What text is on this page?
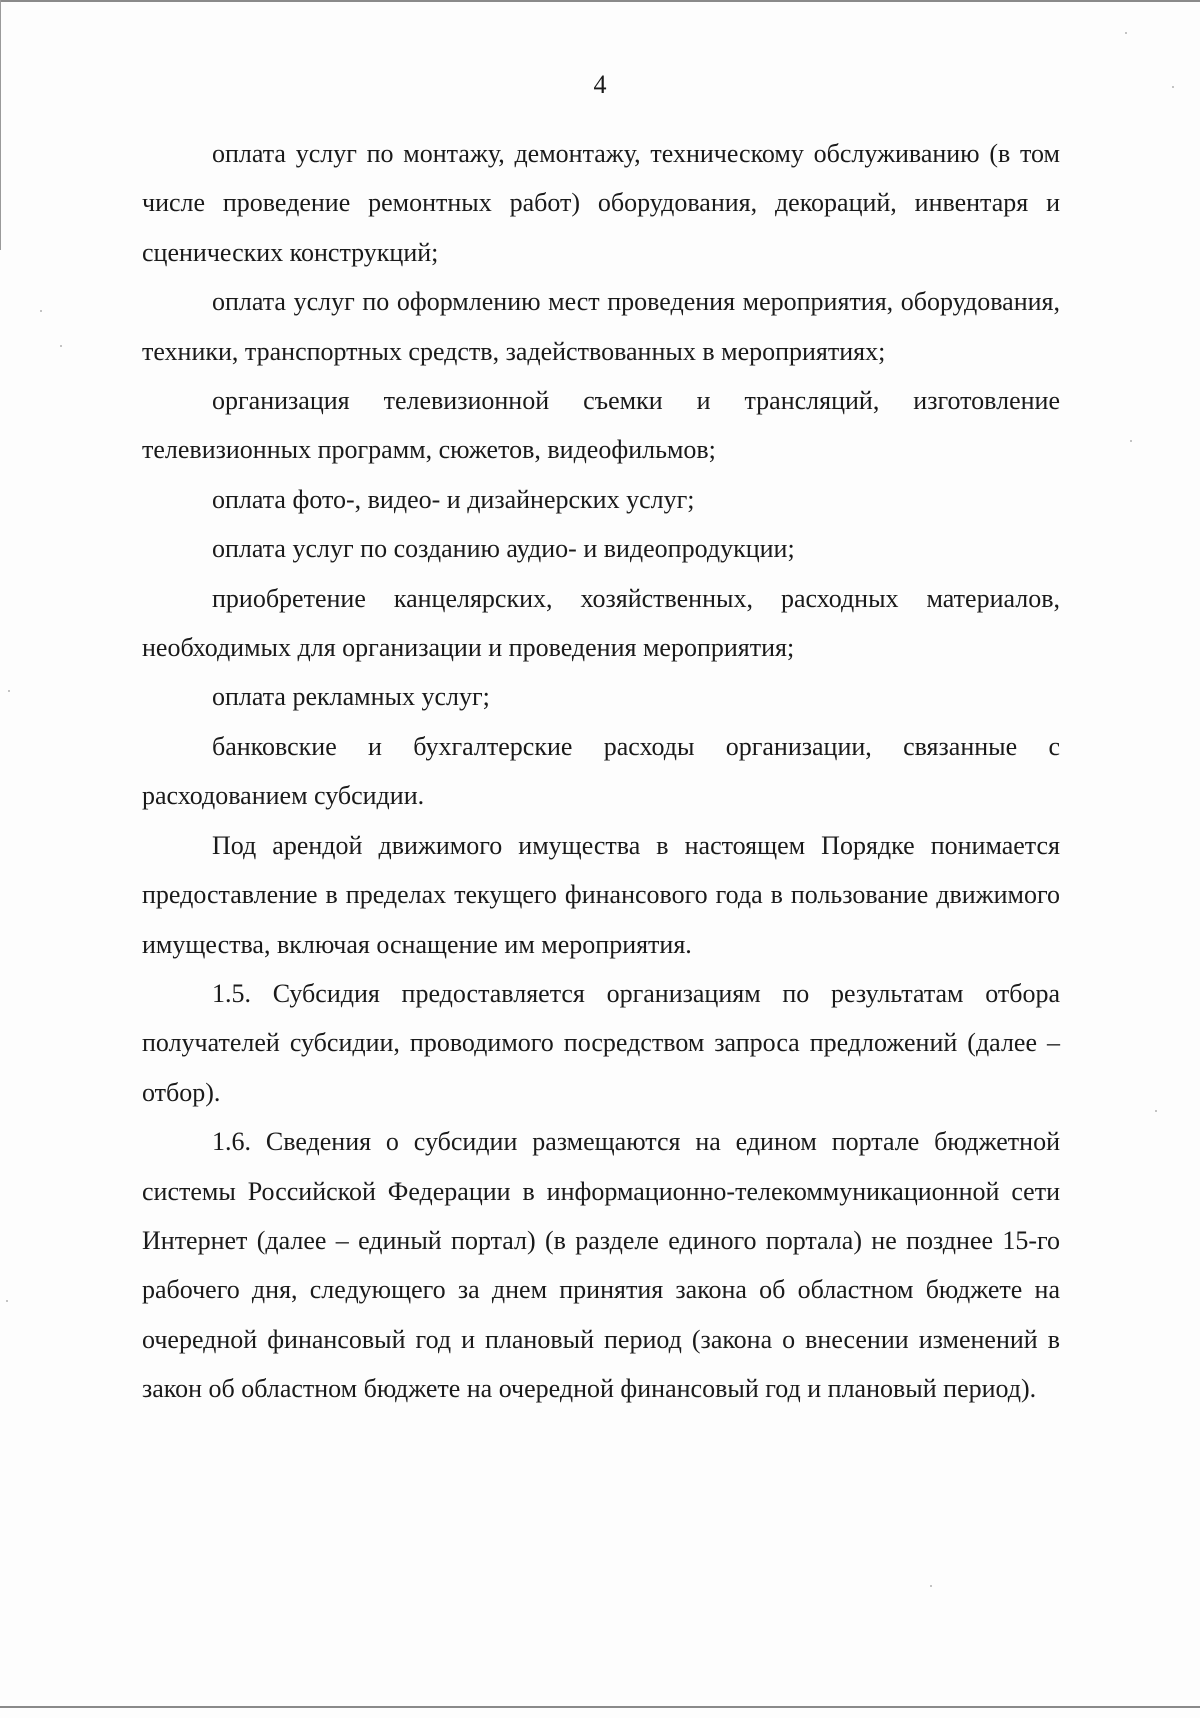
4

оплата услуг по монтажу, демонтажу, техническому обслуживанию (в том числе проведение ремонтных работ) оборудования, декораций, инвентаря и сценических конструкций;

оплата услуг по оформлению мест проведения мероприятия, оборудования, техники, транспортных средств, задействованных в мероприятиях;

организация телевизионной съемки и трансляций, изготовление телевизионных программ, сюжетов, видеофильмов;

оплата фото-, видео- и дизайнерских услуг;

оплата услуг по созданию аудио- и видеопродукции;

приобретение канцелярских, хозяйственных, расходных материалов, необходимых для организации и проведения мероприятия;

оплата рекламных услуг;

банковские и бухгалтерские расходы организации, связанные с расходованием субсидии.

Под арендой движимого имущества в настоящем Порядке понимается предоставление в пределах текущего финансового года в пользование движимого имущества, включая оснащение им мероприятия.

1.5. Субсидия предоставляется организациям по результатам отбора получателей субсидии, проводимого посредством запроса предложений (далее – отбор).

1.6. Сведения о субсидии размещаются на едином портале бюджетной системы Российской Федерации в информационно-телекоммуникационной сети Интернет (далее – единый портал) (в разделе единого портала) не позднее 15-го рабочего дня, следующего за днем принятия закона об областном бюджете на очередной финансовый год и плановый период (закона о внесении изменений в закон об областном бюджете на очередной финансовый год и плановый период).
